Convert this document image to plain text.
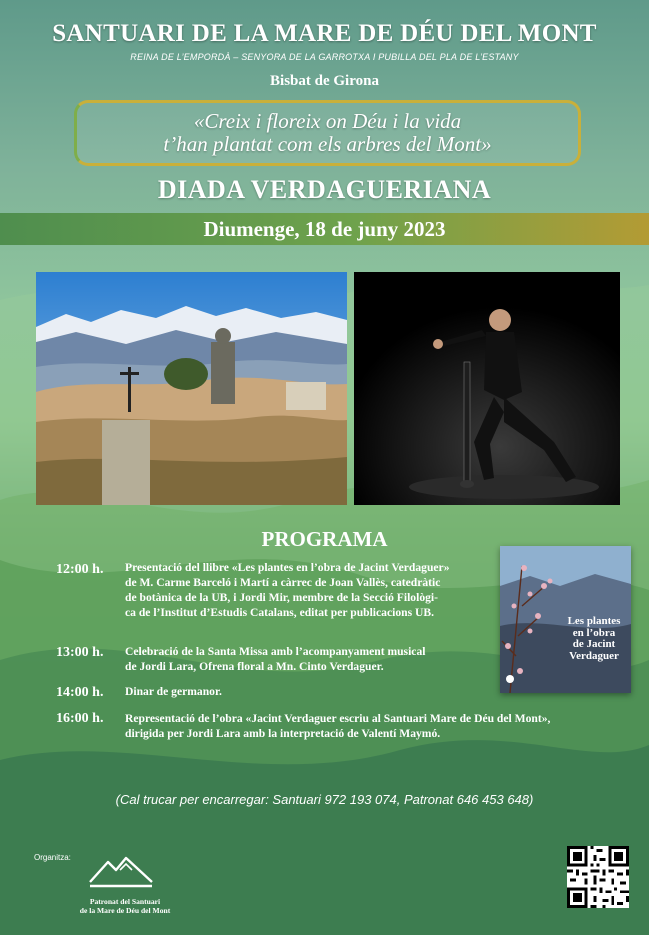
SANTUARI DE LA MARE DE DÉU DEL MONT
REINA DE L’EMPORDÀ – SENYORA DE LA GARROTXA I PUBILLA DEL PLA DE L’ESTANY
Bisbat de Girona
«Creix i floreix on Déu i la vida
t’han plantat com els arbres del Mont»
DIADA VERDAGUERIANA
Diumenge, 18 de juny 2023
PROGRAMA
12:00 h.	Presentació del llibre «Les plantes en l’obra de Jacint Verdaguer»
de M. Carme Barceló i Martí a càrrec de Joan Vallès, catedràtic
de botànica de la UB, i Jordi Mir, membre de la Secció Filològi-
ca de l’Institut d’Estudis Catalans, editat per publicacions UB.
13:00 h.	Celebració de la Santa Missa amb l’acompanyament musical
de Jordi Lara, Ofrena floral a Mn. Cinto Verdaguer.
14:00 h.	Dinar de germanor.
16:00 h.	Representació de l’obra «Jacint Verdaguer escriu al Santuari Mare de Déu del Mont»,
dirigida per Jordi Lara amb la interpretació de Valentí Maymó.
Les plantes
en l’obra
de Jacint
Verdaguer
(Cal trucar per encarregar: Santuari 972 193 074, Patronat 646 453 648)
Organitza:
Patronat del Santuari
de la Mare de Déu del Mont
